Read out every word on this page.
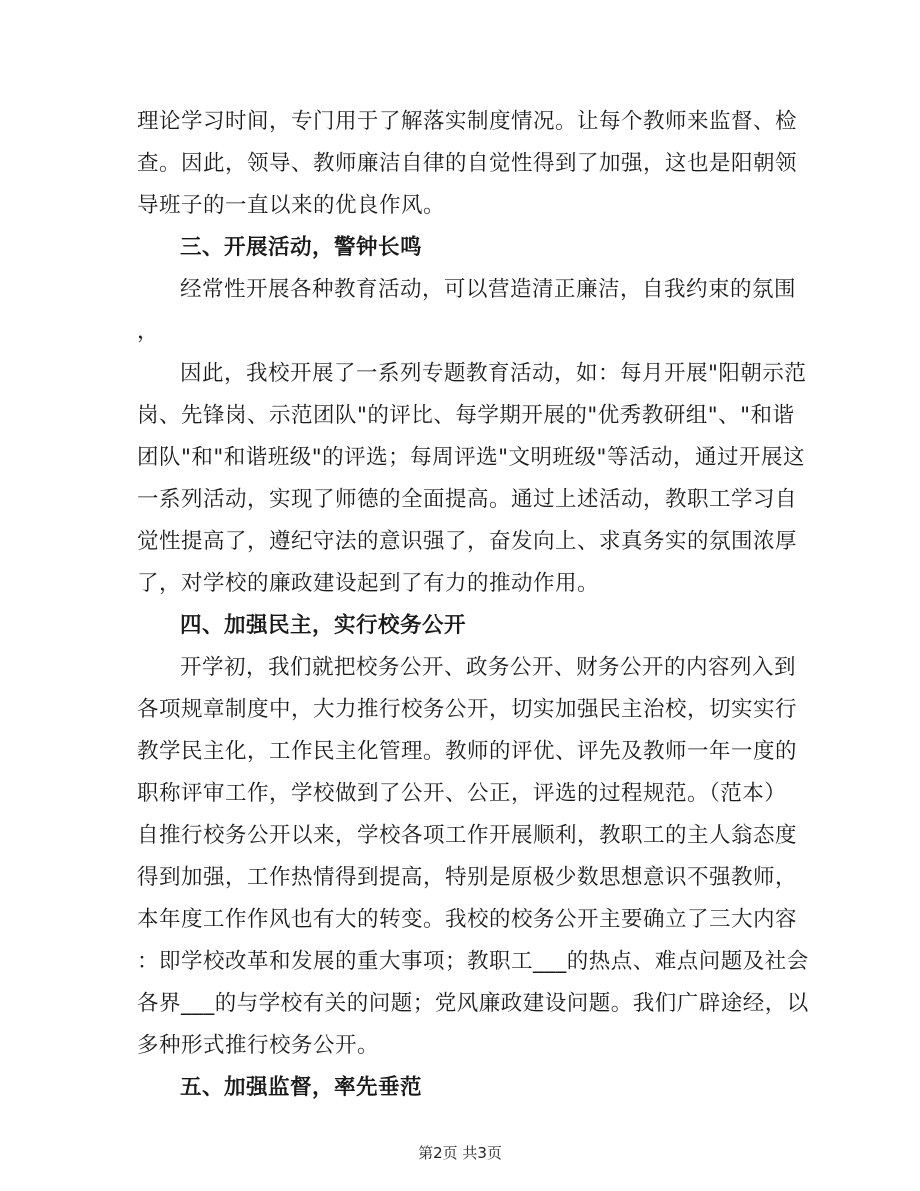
理论学习时间，专门用于了解落实制度情况。让每个教师来监督、检
查。因此，领导、教师廉洁自律的自觉性得到了加强，这也是阳朝领
导班子的一直以来的优良作风。
三、开展活动，警钟长鸣
经常性开展各种教育活动，可以营造清正廉洁，自我约束的氛围
，
因此，我校开展了一系列专题教育活动，如：每月开展"阳朝示范
岗、先锋岗、示范团队"的评比、每学期开展的"优秀教研组"、"和谐
团队"和"和谐班级"的评选；每周评选"文明班级"等活动，通过开展这
一系列活动，实现了师德的全面提高。通过上述活动，教职工学习自
觉性提高了，遵纪守法的意识强了，奋发向上、求真务实的氛围浓厚
了，对学校的廉政建设起到了有力的推动作用。
四、加强民主，实行校务公开
开学初，我们就把校务公开、政务公开、财务公开的内容列入到
各项规章制度中，大力推行校务公开，切实加强民主治校，切实实行
教学民主化，工作民主化管理。教师的评优、评先及教师一年一度的
职称评审工作，学校做到了公开、公正，评选的过程规范。（范本）
自推行校务公开以来，学校各项工作开展顺利，教职工的主人翁态度
得到加强，工作热情得到提高，特别是原极少数思想意识不强教师，
本年度工作作风也有大的转变。我校的校务公开主要确立了三大内容
：即学校改革和发展的重大事项；教职工___的热点、难点问题及社会
各界___的与学校有关的问题；党风廉政建设问题。我们广辟途经，以
多种形式推行校务公开。
五、加强监督，率先垂范
第2页 共3页
